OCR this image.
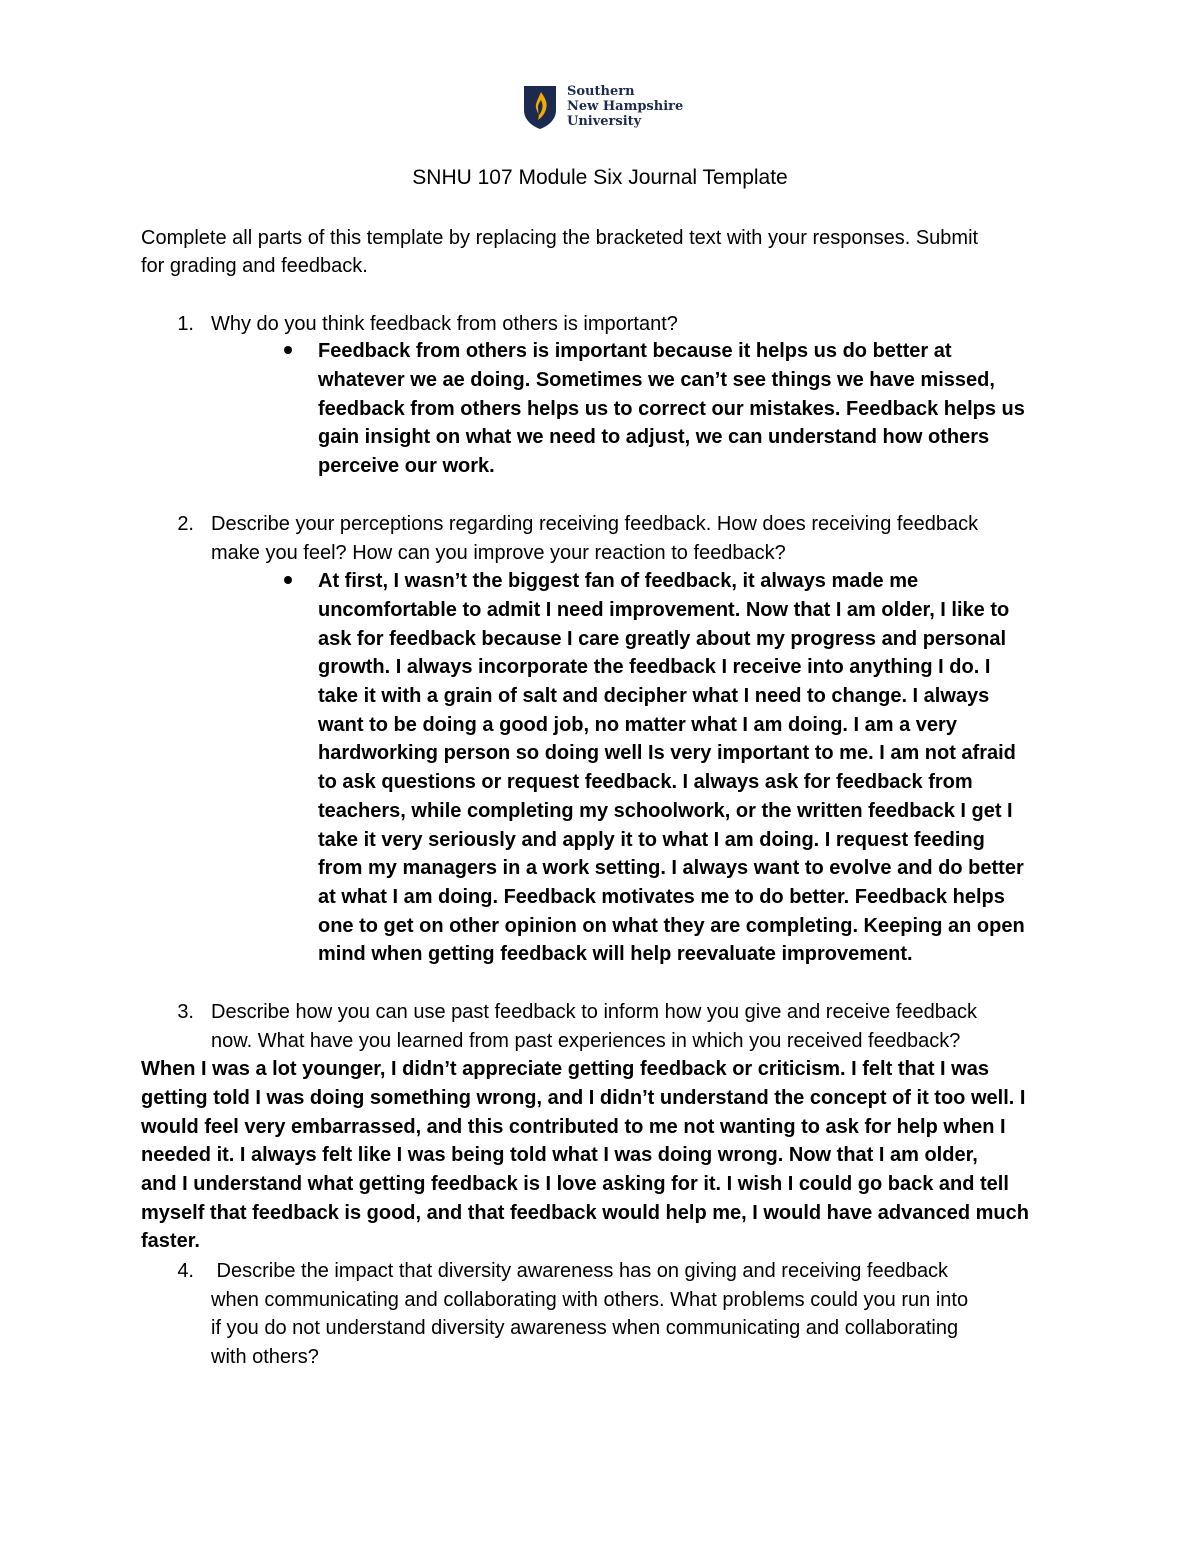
Southern
New Hampshire
University
SNHU 107 Module Six Journal Template
Complete all parts of this template by replacing the bracketed text with your responses. Submit
for grading and feedback.
1. Why do you think feedback from others is important?
Feedback from others is important because it helps us do better at
whatever we ae doing. Sometimes we can’t see things we have missed,
feedback from others helps us to correct our mistakes. Feedback helps us
gain insight on what we need to adjust, we can understand how others
perceive our work.
2. Describe your perceptions regarding receiving feedback. How does receiving feedback
make you feel? How can you improve your reaction to feedback?
At first, I wasn’t the biggest fan of feedback, it always made me
uncomfortable to admit I need improvement. Now that I am older, I like to
ask for feedback because I care greatly about my progress and personal
growth. I always incorporate the feedback I receive into anything I do. I
take it with a grain of salt and decipher what I need to change. I always
want to be doing a good job, no matter what I am doing. I am a very
hardworking person so doing well Is very important to me. I am not afraid
to ask questions or request feedback. I always ask for feedback from
teachers, while completing my schoolwork, or the written feedback I get I
take it very seriously and apply it to what I am doing. I request feeding
from my managers in a work setting. I always want to evolve and do better
at what I am doing. Feedback motivates me to do better. Feedback helps
one to get on other opinion on what they are completing. Keeping an open
mind when getting feedback will help reevaluate improvement.
3. Describe how you can use past feedback to inform how you give and receive feedback
now. What have you learned from past experiences in which you received feedback?
When I was a lot younger, I didn’t appreciate getting feedback or criticism. I felt that I was
getting told I was doing something wrong, and I didn’t understand the concept of it too well. I
would feel very embarrassed, and this contributed to me not wanting to ask for help when I
needed it. I always felt like I was being told what I was doing wrong. Now that I am older,
and I understand what getting feedback is I love asking for it. I wish I could go back and tell
myself that feedback is good, and that feedback would help me, I would have advanced much
faster.
4. Describe the impact that diversity awareness has on giving and receiving feedback
when communicating and collaborating with others. What problems could you run into
if you do not understand diversity awareness when communicating and collaborating
with others?
